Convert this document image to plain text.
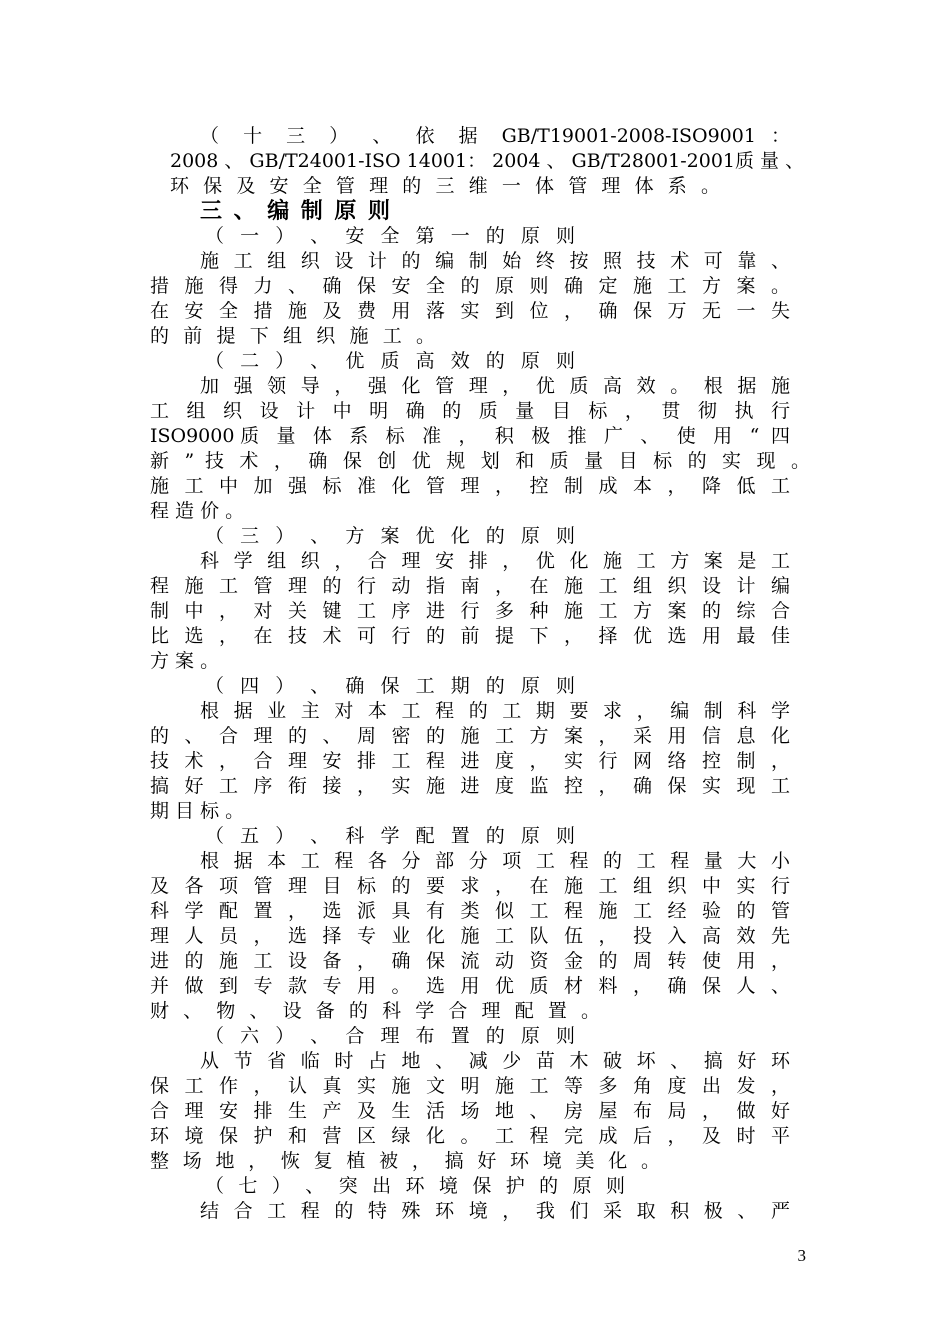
（ 十 三 ） 、 依 据 GB/T19001-2008-ISO9001 ：
2008 、 GB/T24001-ISO 14001： 2004 、 GB/T28001-2001质 量 、
环 保 及 安 全 管 理 的 三 维 一 体 管 理 体 系 。
三 、 编 制 原 则
（ 一 ） 、 安 全 第 一 的 原 则
施 工 组 织 设 计 的 编 制 始 终 按 照 技 术 可 靠 、
措 施 得 力 、 确 保 安 全 的 原 则 确 定 施 工 方 案 。
在 安 全 措 施 及 费 用 落 实 到 位 ， 确 保 万 无 一 失
的 前 提 下 组 织 施 工 。
（ 二 ） 、 优 质 高 效 的 原 则
加 强 领 导 ， 强 化 管 理 ， 优 质 高 效 。 根 据 施
工 组 织 设 计 中 明 确 的 质 量 目 标 ， 贯 彻 执 行
ISO9000质 量 体 系 标 准 ， 积 极 推 广 、 使 用 “ 四
新 ” 技 术 ， 确 保 创 优 规 划 和 质 量 目 标 的 实 现 。
施 工 中 加 强 标 准 化 管 理 ， 控 制 成 本 ， 降 低 工
程 造 价 。
（ 三 ） 、 方 案 优 化 的 原 则
科 学 组 织 ， 合 理 安 排 ， 优 化 施 工 方 案 是 工
程 施 工 管 理 的 行 动 指 南 ， 在 施 工 组 织 设 计 编
制 中 ， 对 关 键 工 序 进 行 多 种 施 工 方 案 的 综 合
比 选 ， 在 技 术 可 行 的 前 提 下 ， 择 优 选 用 最 佳
方 案 。
（ 四 ） 、 确 保 工 期 的 原 则
根 据 业 主 对 本 工 程 的 工 期 要 求 ， 编 制 科 学
的 、 合 理 的 、 周 密 的 施 工 方 案 ， 采 用 信 息 化
技 术 ， 合 理 安 排 工 程 进 度 ， 实 行 网 络 控 制 ，
搞 好 工 序 衔 接 ， 实 施 进 度 监 控 ， 确 保 实 现 工
期 目 标 。
（ 五 ） 、 科 学 配 置 的 原 则
根 据 本 工 程 各 分 部 分 项 工 程 的 工 程 量 大 小
及 各 项 管 理 目 标 的 要 求 ， 在 施 工 组 织 中 实 行
科 学 配 置 ， 选 派 具 有 类 似 工 程 施 工 经 验 的 管
理 人 员 ， 选 择 专 业 化 施 工 队 伍 ， 投 入 高 效 先
进 的 施 工 设 备 ， 确 保 流 动 资 金 的 周 转 使 用 ，
并 做 到 专 款 专 用 。 选 用 优 质 材 料 ， 确 保 人 、
财 、 物 、 设 备 的 科 学 合 理 配 置 。
（ 六 ） 、 合 理 布 置 的 原 则
从 节 省 临 时 占 地 、 减 少 苗 木 破 坏 、 搞 好 环
保 工 作 ， 认 真 实 施 文 明 施 工 等 多 角 度 出 发 ，
合 理 安 排 生 产 及 生 活 场 地 、 房 屋 布 局 ， 做 好
环 境 保 护 和 营 区 绿 化 。 工 程 完 成 后 ， 及 时 平
整 场 地 ， 恢 复 植 被 ， 搞 好 环 境 美 化 。
（ 七 ） 、 突 出 环 境 保 护 的 原 则
结 合 工 程 的 特 殊 环 境 ， 我 们 采 取 积 极 、 严
3
